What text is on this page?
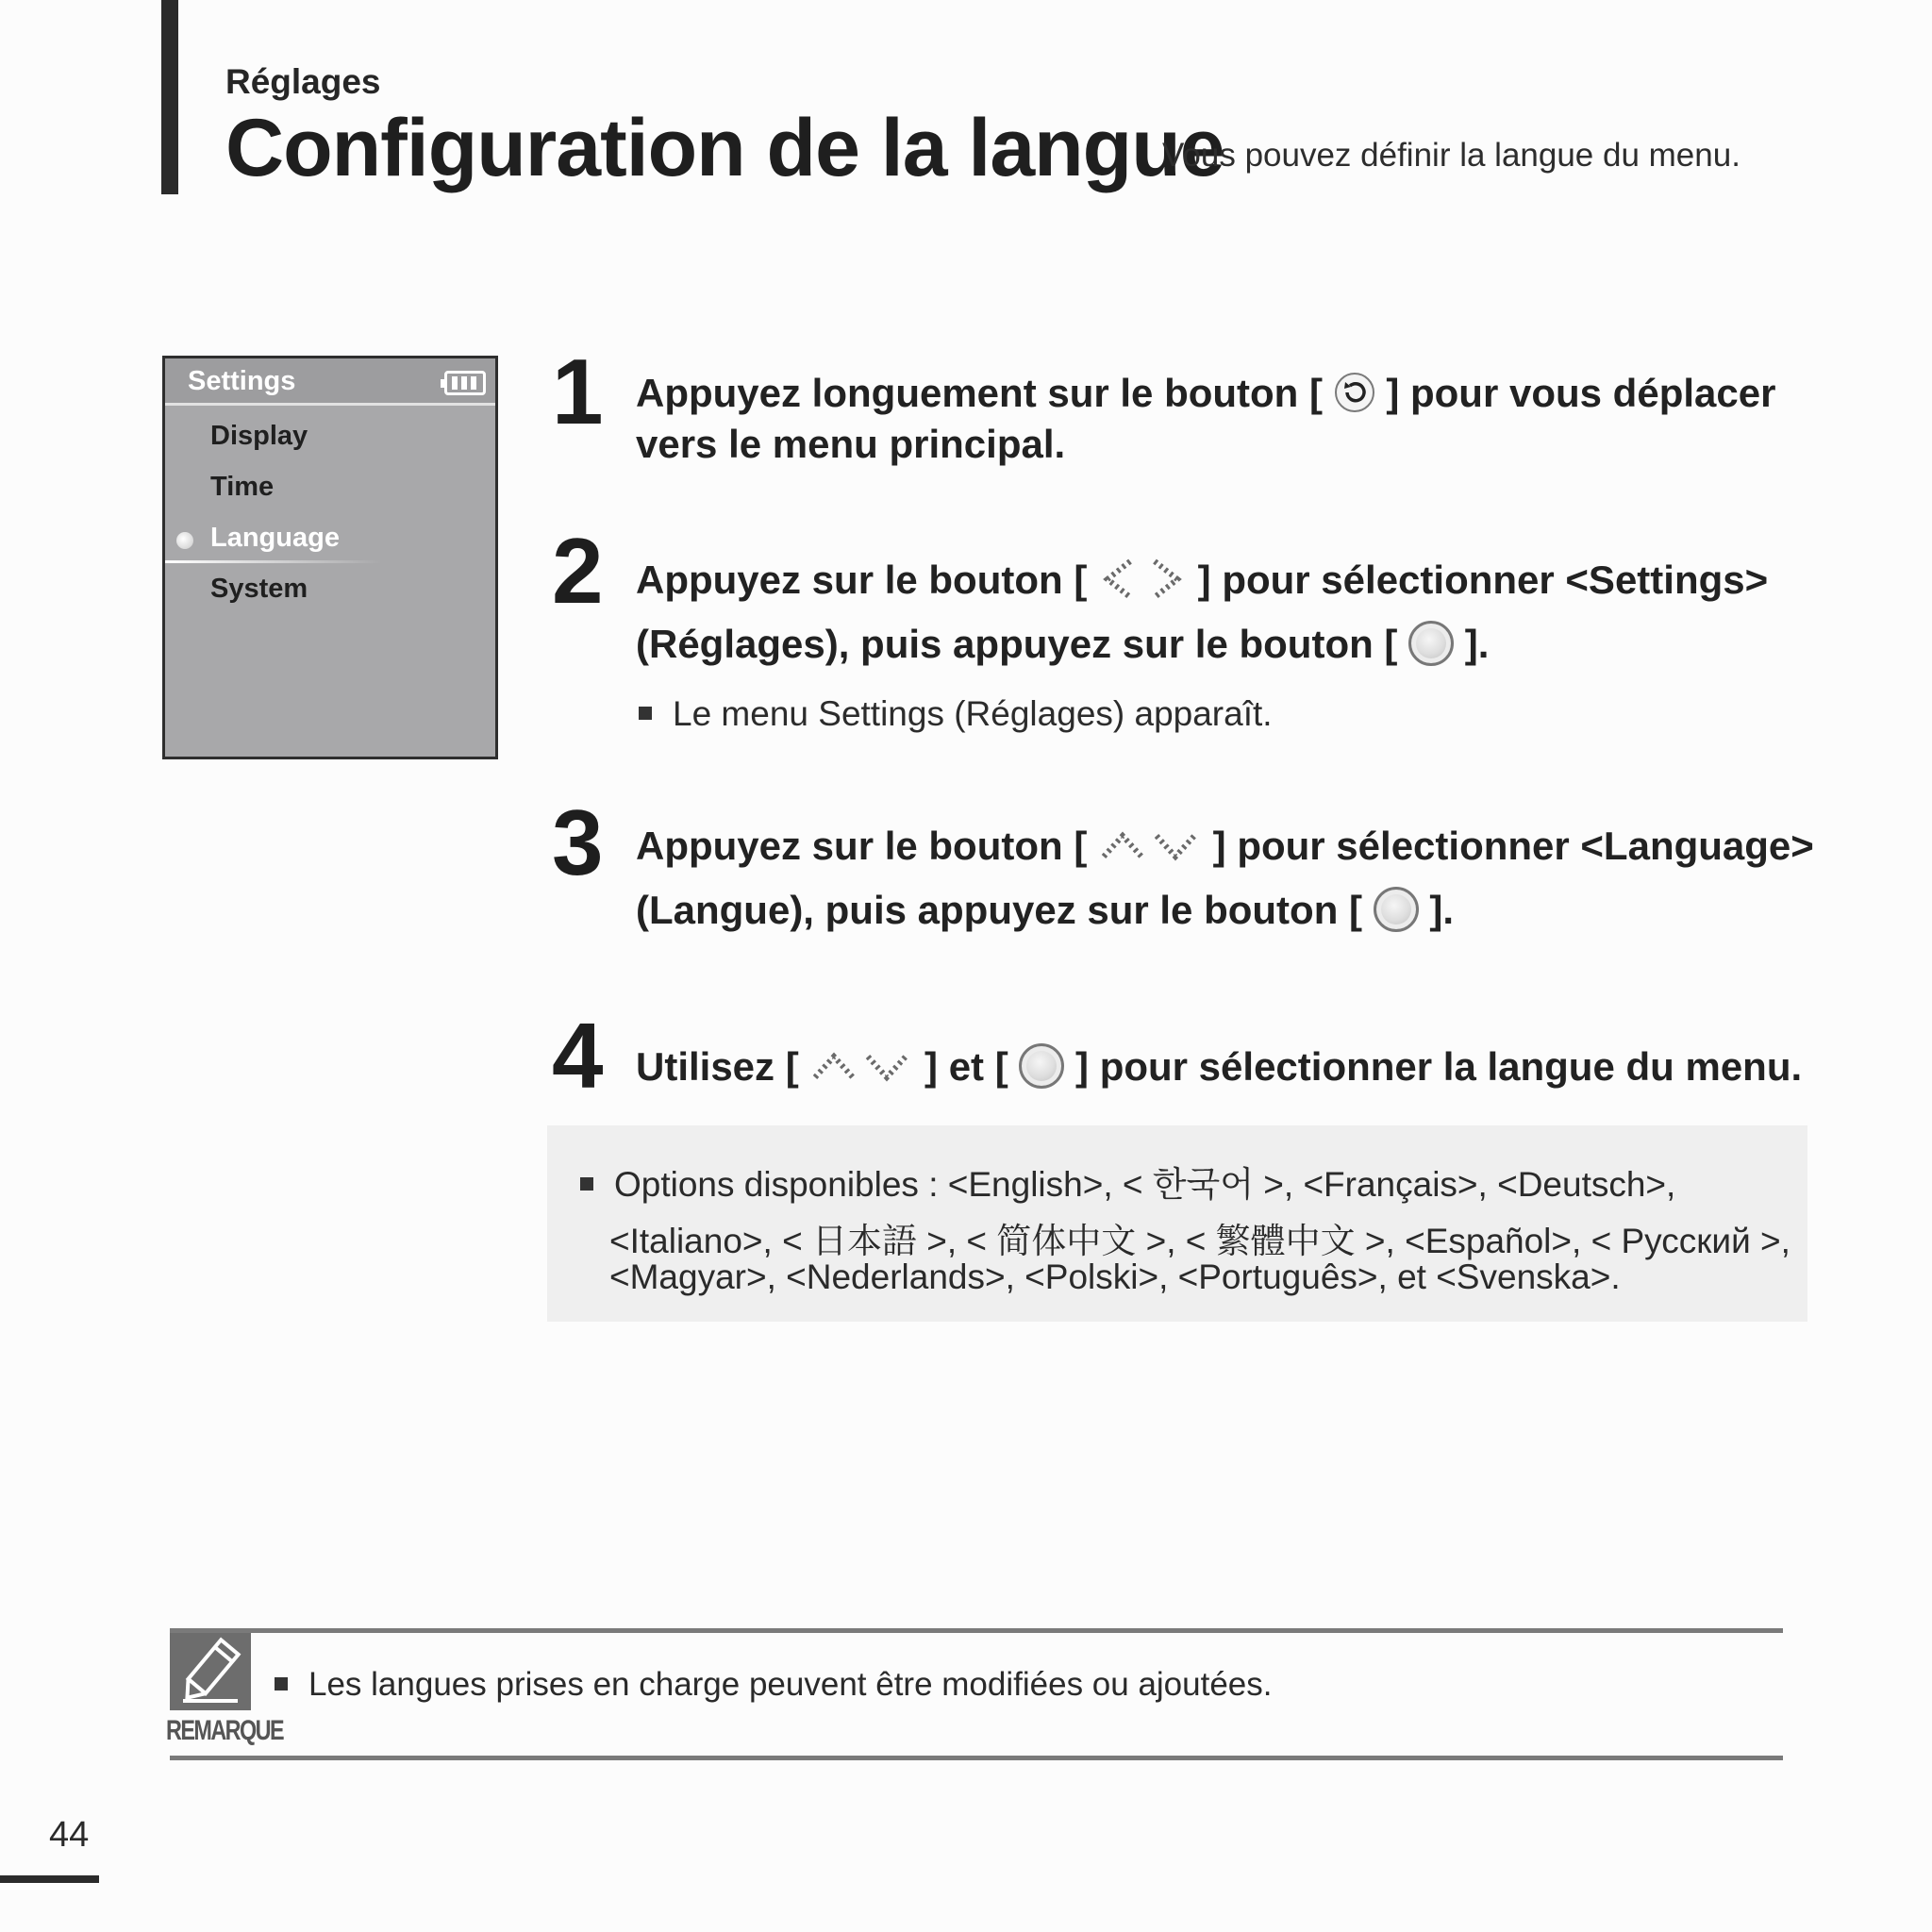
Réglages
Configuration de la langue
Vous pouvez définir la langue du menu.
Settings
Display
Time
Language
System
1 Appuyez longuement sur le bouton [ ] pour vous déplacer
vers le menu principal.
2 Appuyez sur le bouton [	] pour sélectionner <Settings>
(Réglages), puis appuyez sur le bouton [ ].
Le menu Settings (Réglages) apparaît.
3 Appuyez sur le bouton [	] pour sélectionner <Language>
(Langue), puis appuyez sur le bouton [ ].
4 Utilisez [	] et [ ] pour sélectionner la langue du menu.
Options disponibles : <English>, < 한국어 >, <Français>, <Deutsch>,
<Italiano>, < 日本語 >, < 简体中文 >, < 繁體中文 >, <Español>, < Русский >,
<Magyar>, <Nederlands>, <Polski>, <Português>, et <Svenska>.
REMARQUE
Les langues prises en charge peuvent être modifiées ou ajoutées.
44
